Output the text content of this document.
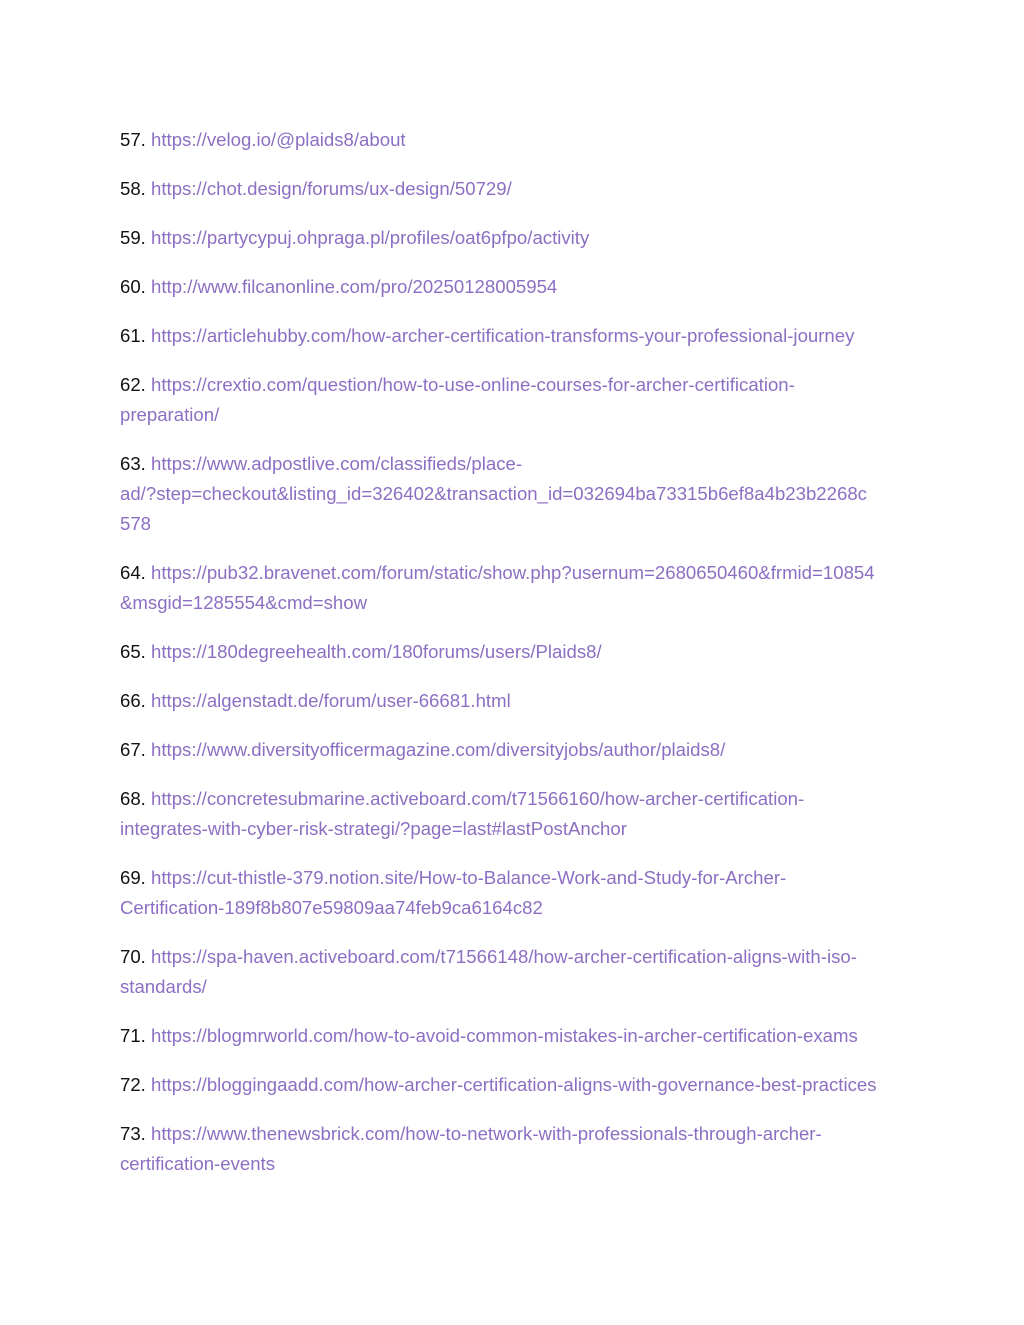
57. https://velog.io/@plaids8/about
58. https://chot.design/forums/ux-design/50729/
59. https://partycypuj.ohpraga.pl/profiles/oat6pfpo/activity
60. http://www.filcanonline.com/pro/20250128005954
61. https://articlehubby.com/how-archer-certification-transforms-your-professional-journey
62. https://crextio.com/question/how-to-use-online-courses-for-archer-certification-
preparation/
63. https://www.adpostlive.com/classifieds/place-
ad/?step=checkout&listing_id=326402&transaction_id=032694ba73315b6ef8a4b23b2268c
578
64. https://pub32.bravenet.com/forum/static/show.php?usernum=2680650460&frmid=10854
&msgid=1285554&cmd=show
65. https://180degreehealth.com/180forums/users/Plaids8/
66. https://algenstadt.de/forum/user-66681.html
67. https://www.diversityofficermagazine.com/diversityjobs/author/plaids8/
68. https://concretesubmarine.activeboard.com/t71566160/how-archer-certification-
integrates-with-cyber-risk-strategi/?page=last#lastPostAnchor
69. https://cut-thistle-379.notion.site/How-to-Balance-Work-and-Study-for-Archer-
Certification-189f8b807e59809aa74feb9ca6164c82
70. https://spa-haven.activeboard.com/t71566148/how-archer-certification-aligns-with-iso-
standards/
71. https://blogmrworld.com/how-to-avoid-common-mistakes-in-archer-certification-exams
72. https://bloggingaadd.com/how-archer-certification-aligns-with-governance-best-practices
73. https://www.thenewsbrick.com/how-to-network-with-professionals-through-archer-
certification-events
